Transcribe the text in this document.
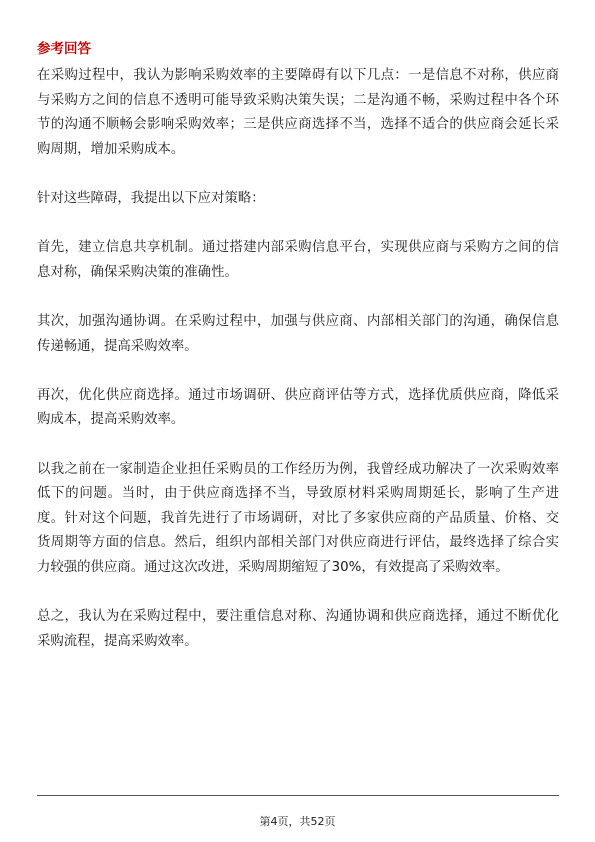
参考回答

在采购过程中，我认为影响采购效率的主要障碍有以下几点：一是信息不对称，供应商与采购方之间的信息不透明可能导致采购决策失误；二是沟通不畅，采购过程中各个环节的沟通不顺畅会影响采购效率；三是供应商选择不当，选择不适合的供应商会延长采购周期，增加采购成本。

针对这些障碍，我提出以下应对策略：

首先，建立信息共享机制。通过搭建内部采购信息平台，实现供应商与采购方之间的信息对称，确保采购决策的准确性。

其次，加强沟通协调。在采购过程中，加强与供应商、内部相关部门的沟通，确保信息传递畅通，提高采购效率。

再次，优化供应商选择。通过市场调研、供应商评估等方式，选择优质供应商，降低采购成本，提高采购效率。

以我之前在一家制造企业担任采购员的工作经历为例，我曾经成功解决了一次采购效率低下的问题。当时，由于供应商选择不当，导致原材料采购周期延长，影响了生产进度。针对这个问题，我首先进行了市场调研，对比了多家供应商的产品质量、价格、交货周期等方面的信息。然后，组织内部相关部门对供应商进行评估，最终选择了综合实力较强的供应商。通过这次改进，采购周期缩短了30%，有效提高了采购效率。

总之，我认为在采购过程中，要注重信息对称、沟通协调和供应商选择，通过不断优化采购流程，提高采购效率。

第4页，共52页
